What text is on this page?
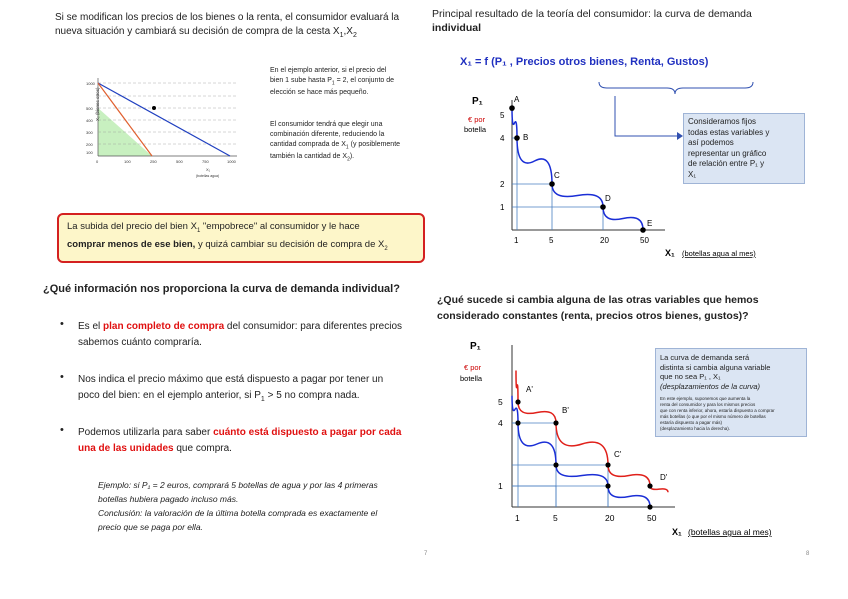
Si se modifican los precios de los bienes o la renta, el consumidor evaluará la
nueva situación y cambiará su decisión de compra de la cesta $X_1,X_2$
X₂ (bienes otros)
1000
500
400
300
200
100
0	100	250	500	750	1000
X₁
(botellas agua)
En el ejemplo anterior, si el precio del
bien 1 sube hasta $P_1 = 2$, el conjunto de
elección se hace más pequeño.
El consumidor tendrá que elegir una
combinación diferente, reduciendo la
cantidad comprada de $X_1$ (y posiblemente
también la cantidad de $X_2$).
La subida del precio del bien $X_1$ "empobrece" al consumidor y le hace
comprar menos de ese bien, y quizá cambiar su decisión de compra de $X_2$
Principal resultado de la teoría del consumidor: la curva de demanda
individual
X₁ = f (P₁ , Precios otros bienes, Renta, Gustos)
Consideramos fijos
todas estas variables y
así podemos
representar un gráfico
de relación entre P₁ y
X₁
P₁
€ por
botella
A
B
C
D
E
1	5	20	50
5
4
2
1
X₁ (botellas agua al mes)
¿Qué información nos proporciona la curva de demanda individual?
• Es el plan completo de compra del consumidor: para diferentes precios
sabemos cuánto compraría.
• Nos indica el precio máximo que está dispuesto a pagar por tener un
poco del bien: en el ejemplo anterior, si $P_1 > 5$ no compra nada.
• Podemos utilizarla para saber cuánto está dispuesto a pagar por cada
una de las unidades que compra.
Ejemplo: si P₁ = 2 euros, comprará 5 botellas de agua y por las 4 primeras
botellas hubiera pagado incluso más.
Conclusión: la valoración de la última botella comprada es exactamente el
precio que se paga por ella.
7
¿Qué sucede si cambia alguna de las otras variables que hemos
considerado constantes (renta, precios otros bienes, gustos)?
La curva de demanda será
distinta si cambia alguna variable
que no sea P₁ , X₁
(desplazamientos de la curva)
En este ejemplo, suponemos que aumenta la
renta del consumidor y para los mismos precios
que con renta inferior, ahora, estaría dispuesto a comprar
más botellas (o que por el mismo número de botellas
estaría dispuesto a pagar más)
(desplazamiento hacia la derecha).
P₁
€ por
botella
A'
B'
C'
D'
1	5	20	50
5
4
1
X₁ (botellas agua al mes)
8
